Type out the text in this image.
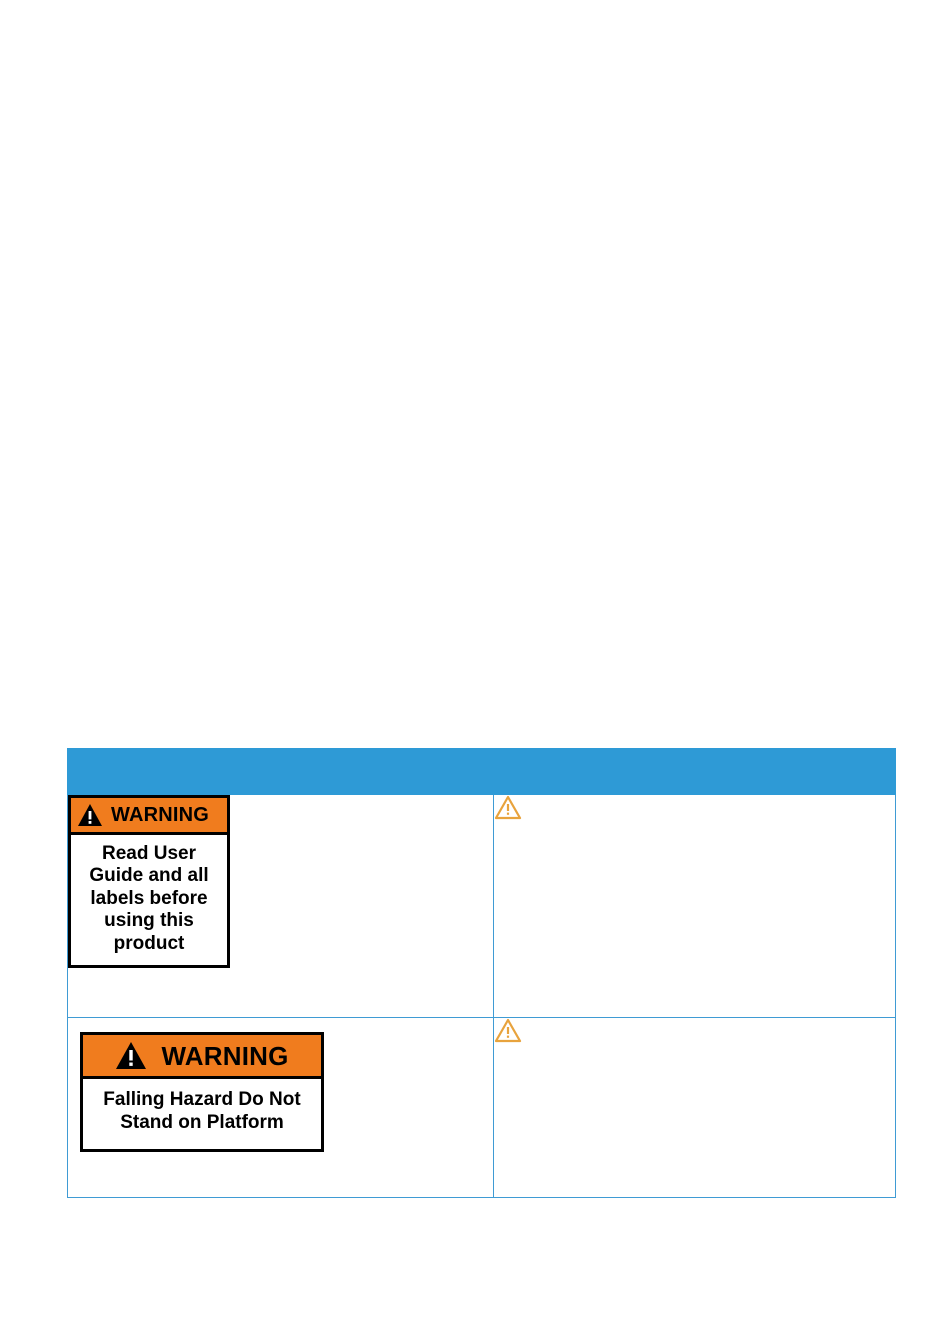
WARNING
Read User Guide and all labels before using this product

WARNING
Falling Hazard Do Not Stand on Platform
